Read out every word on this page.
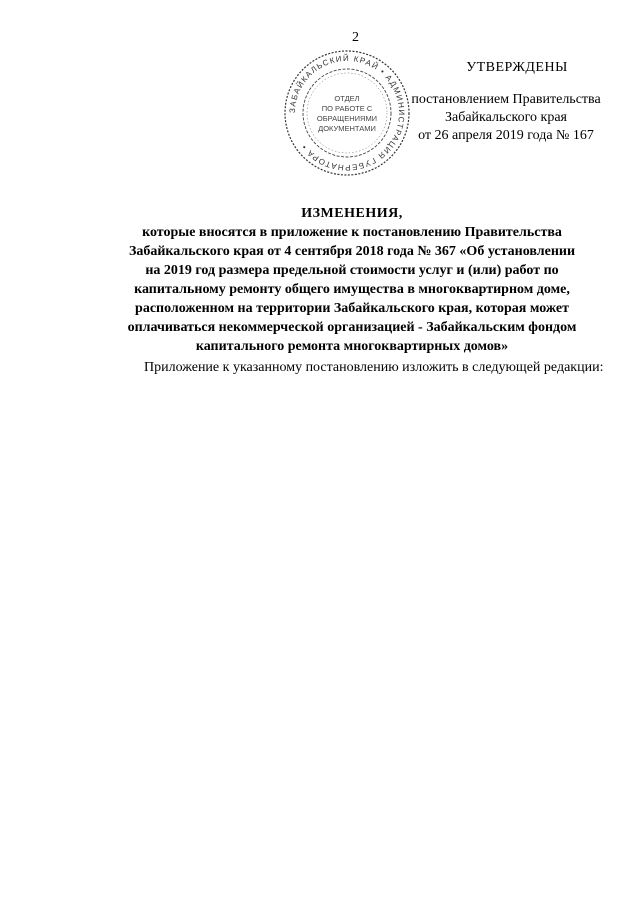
2
ЗАБАЙКАЛЬСКИЙ КРАЙ • АДМИНИСТРАЦИЯ ГУБЕРНАТОРА •
ОТДЕЛ
ПО РАБОТЕ С
ОБРАЩЕНИЯМИ
ДОКУМЕНТАМИ
УТВЕРЖДЕНЫ
постановлением Правительства
Забайкальского края
от 26 апреля 2019 года № 167
ИЗМЕНЕНИЯ,
которые вносятся в приложение к постановлению Правительства
Забайкальского края от 4 сентября 2018 года № 367 «Об установлении
на 2019 год размера предельной стоимости услуг и (или) работ по
капитальному ремонту общего имущества в многоквартирном доме,
расположенном на территории Забайкальского края, которая может
оплачиваться некоммерческой организацией - Забайкальским фондом
капитального ремонта многоквартирных домов»
Приложение к указанному постановлению изложить в следующей редакции:
